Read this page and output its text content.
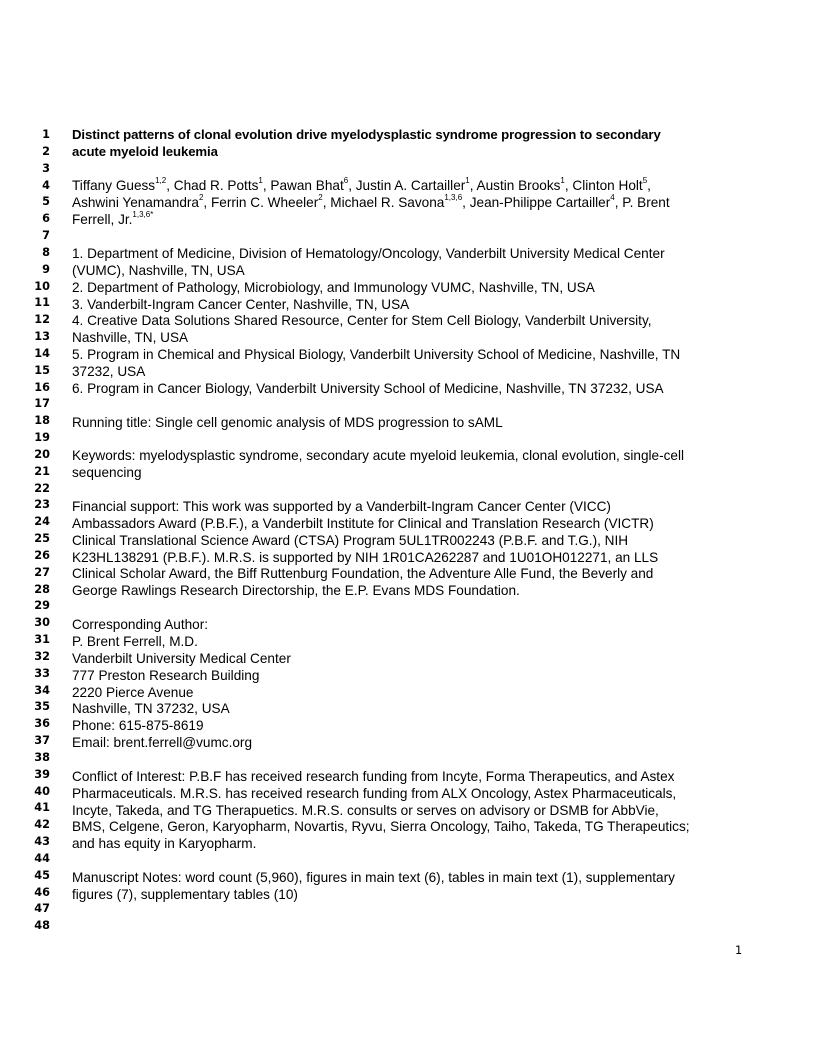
1
2
3
4
5
6
7
8
9
10
11
12
13
14
15
16
17
18
19
20
21
22
23
24
25
26
27
28
29
30
31
32
33
34
35
36
37
38
39
40
41
42
43
44
45
46
47
48
Distinct patterns of clonal evolution drive myelodysplastic syndrome progression to secondary
acute myeloid leukemia
Tiffany Guess$^{1,2}$, Chad R. Potts$^1$, Pawan Bhat$^6$, Justin A. Cartailler$^1$, Austin Brooks$^1$, Clinton Holt$^5$,
Ashwini Yenamandra$^2$, Ferrin C. Wheeler$^2$, Michael R. Savona$^{1,3,6}$, Jean-Philippe Cartailler$^4$, P. Brent
Ferrell, Jr.$^{1,3,6*}$
1. Department of Medicine, Division of Hematology/Oncology, Vanderbilt University Medical Center
(VUMC), Nashville, TN, USA
2. Department of Pathology, Microbiology, and Immunology VUMC, Nashville, TN, USA
3. Vanderbilt-Ingram Cancer Center, Nashville, TN, USA
4. Creative Data Solutions Shared Resource, Center for Stem Cell Biology, Vanderbilt University,
Nashville, TN, USA
5. Program in Chemical and Physical Biology, Vanderbilt University School of Medicine, Nashville, TN
37232, USA
6. Program in Cancer Biology, Vanderbilt University School of Medicine, Nashville, TN 37232, USA
Running title: Single cell genomic analysis of MDS progression to sAML
Keywords: myelodysplastic syndrome, secondary acute myeloid leukemia, clonal evolution, single-cell
sequencing
Financial support: This work was supported by a Vanderbilt-Ingram Cancer Center (VICC)
Ambassadors Award (P.B.F.), a Vanderbilt Institute for Clinical and Translation Research (VICTR)
Clinical Translational Science Award (CTSA) Program 5UL1TR002243 (P.B.F. and T.G.), NIH
K23HL138291 (P.B.F.). M.R.S. is supported by NIH 1R01CA262287 and 1U01OH012271, an LLS
Clinical Scholar Award, the Biff Ruttenburg Foundation, the Adventure Alle Fund, the Beverly and
George Rawlings Research Directorship, the E.P. Evans MDS Foundation.
Corresponding Author:
P. Brent Ferrell, M.D.
Vanderbilt University Medical Center
777 Preston Research Building
2220 Pierce Avenue
Nashville, TN 37232, USA
Phone: 615-875-8619
Email: brent.ferrell@vumc.org
Conflict of Interest: P.B.F has received research funding from Incyte, Forma Therapeutics, and Astex
Pharmaceuticals. M.R.S. has received research funding from ALX Oncology, Astex Pharmaceuticals,
Incyte, Takeda, and TG Therapuetics. M.R.S. consults or serves on advisory or DSMB for AbbVie,
BMS, Celgene, Geron, Karyopharm, Novartis, Ryvu, Sierra Oncology, Taiho, Takeda, TG Therapeutics;
and has equity in Karyopharm.
Manuscript Notes: word count (5,960), figures in main text (6), tables in main text (1), supplementary
figures (7), supplementary tables (10)
1
